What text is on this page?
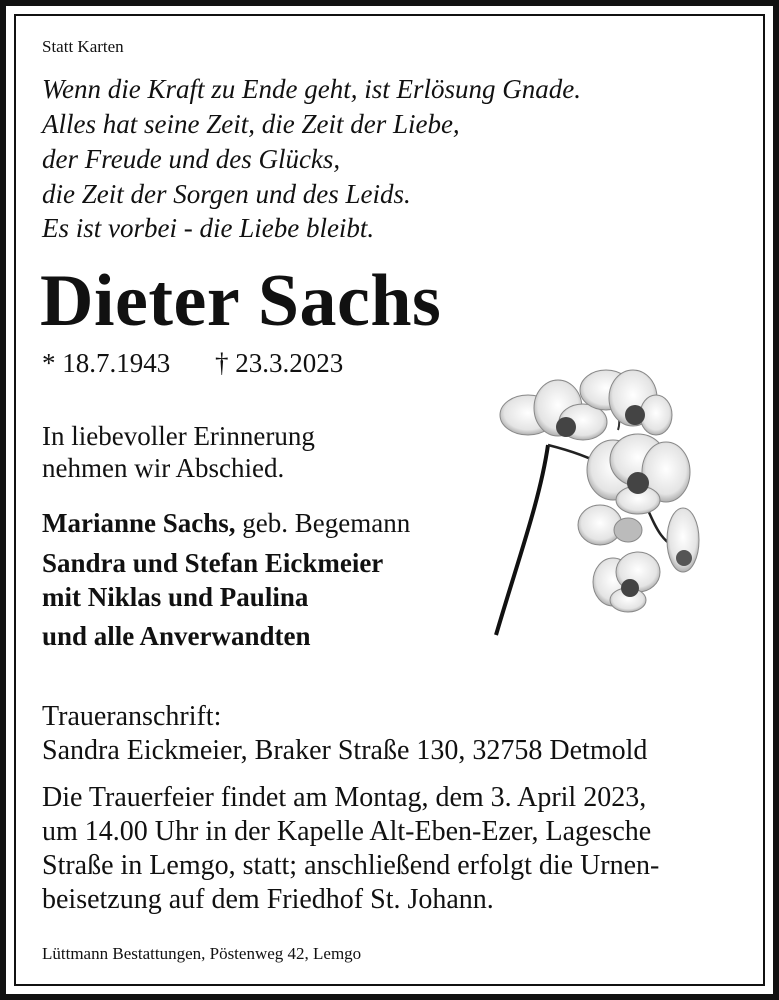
Statt Karten

Wenn die Kraft zu Ende geht, ist Erlösung Gnade.

Alles hat seine Zeit, die Zeit der Liebe,

der Freude und des Glücks,

die Zeit der Sorgen und des Leids.

Es ist vorbei - die Liebe bleibt.

Dieter Sachs

* 18.7.1943 † 23.3.2023

In liebevoller Erinnerung

nehmen wir Abschied.

Marianne Sachs, geb. Begemann

Sandra und Stefan Eickmeier

mit Niklas und Paulina

und alle Anverwandten

Traueranschrift:

Sandra Eickmeier, Braker Straße 130, 32758 Detmold

Die Trauerfeier findet am Montag, dem 3. April 2023,

um 14.00 Uhr in der Kapelle Alt-Eben-Ezer, Lagesche

Straße in Lemgo, statt; anschließend erfolgt die Urnen-

beisetzung auf dem Friedhof St. Johann.

Lüttmann Bestattungen, Pöstenweg 42, Lemgo
